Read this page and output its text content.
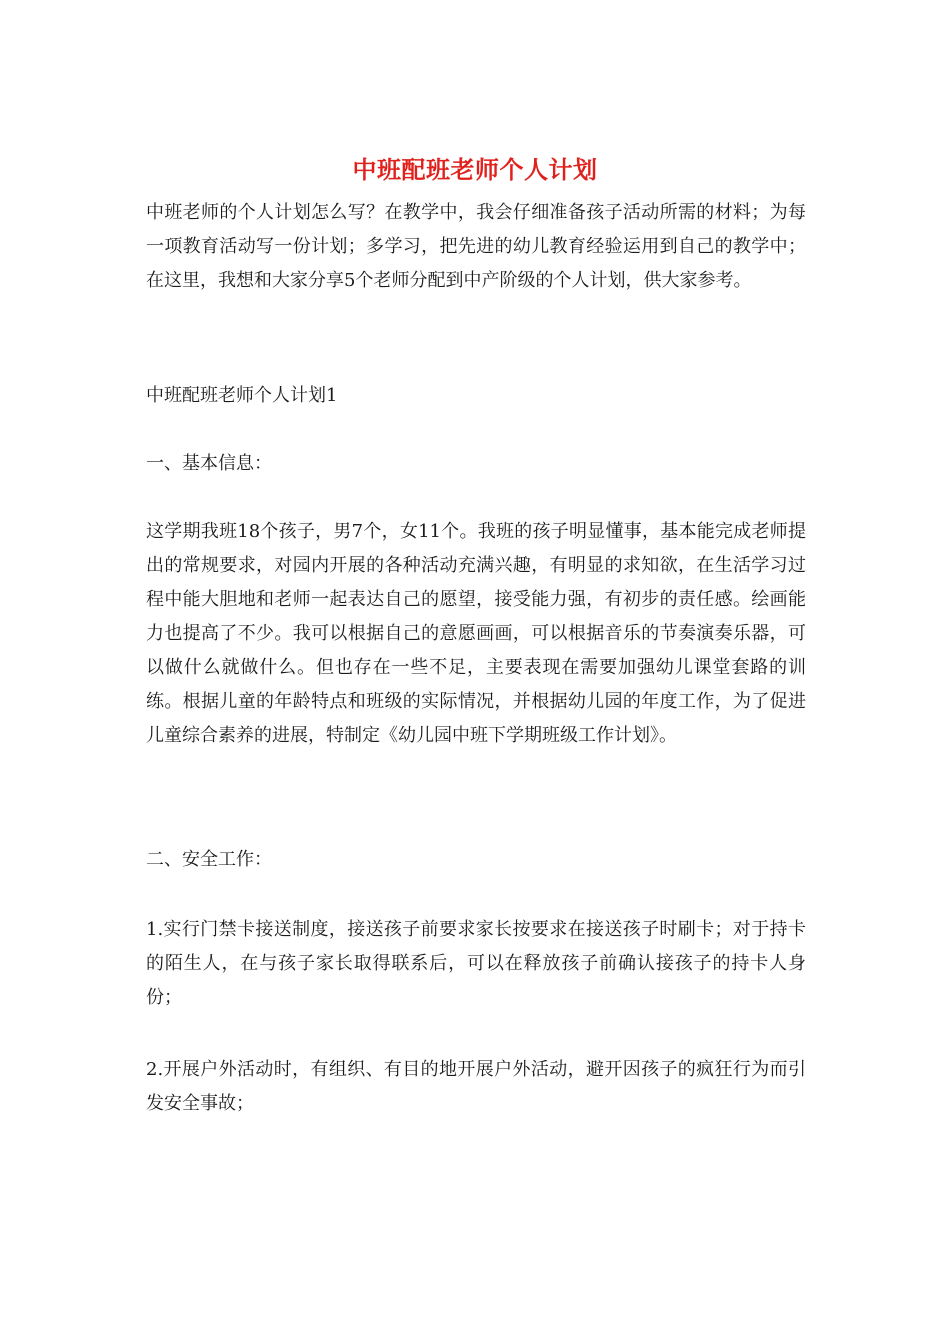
中班配班老师个人计划

中班老师的个人计划怎么写？在教学中，我会仔细准备孩子活动所需的材料；为每一项教育活动写一份计划；多学习，把先进的幼儿教育经验运用到自己的教学中；在这里，我想和大家分享5个老师分配到中产阶级的个人计划，供大家参考。

中班配班老师个人计划1

一、基本信息：

这学期我班18个孩子，男7个，女11个。我班的孩子明显懂事，基本能完成老师提出的常规要求，对园内开展的各种活动充满兴趣，有明显的求知欲，在生活学习过程中能大胆地和老师一起表达自己的愿望，接受能力强，有初步的责任感。绘画能力也提高了不少。我可以根据自己的意愿画画，可以根据音乐的节奏演奏乐器，可以做什么就做什么。但也存在一些不足，主要表现在需要加强幼儿课堂套路的训练。根据儿童的年龄特点和班级的实际情况，并根据幼儿园的年度工作，为了促进儿童综合素养的进展，特制定《幼儿园中班下学期班级工作计划》。

二、安全工作：

1.实行门禁卡接送制度，接送孩子前要求家长按要求在接送孩子时刷卡；对于持卡的陌生人，在与孩子家长取得联系后，可以在释放孩子前确认接孩子的持卡人身份；

2.开展户外活动时，有组织、有目的地开展户外活动，避开因孩子的疯狂行为而引发安全事故；
